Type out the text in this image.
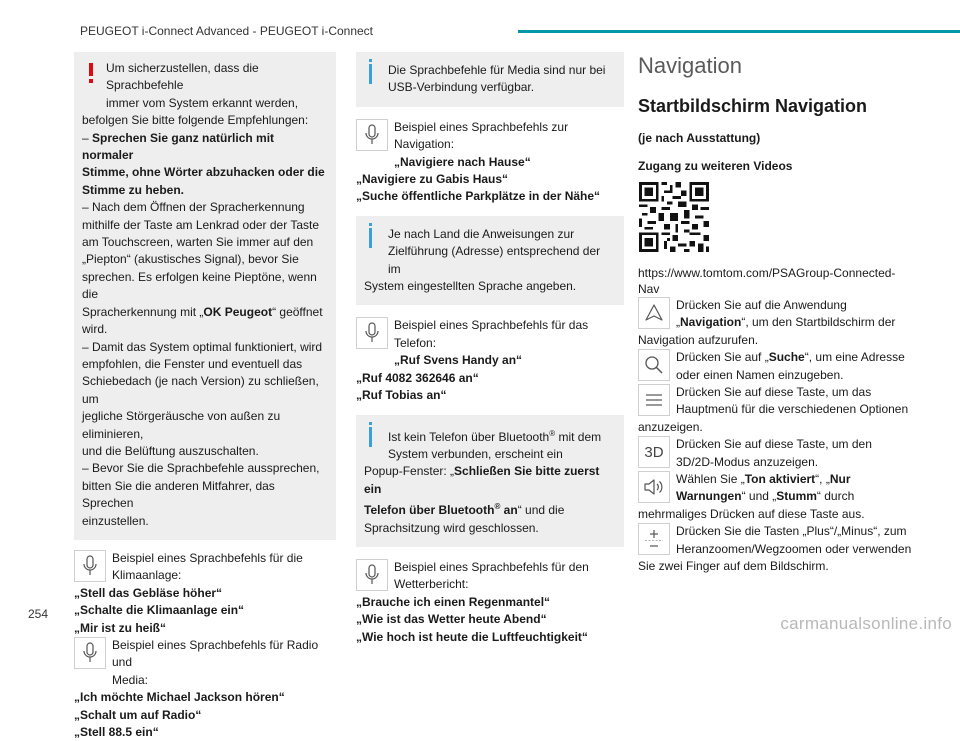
PEUGEOT i-Connect Advanced - PEUGEOT i-Connect
Um sicherzustellen, dass die Sprachbefehle
immer vom System erkannt werden,
befolgen Sie bitte folgende Empfehlungen:
– Sprechen Sie ganz natürlich mit normaler
Stimme, ohne Wörter abzuhacken oder die
Stimme zu heben.
– Nach dem Öffnen der Spracherkennung
mithilfe der Taste am Lenkrad oder der Taste
am Touchscreen, warten Sie immer auf den
„Piepton“ (akustisches Signal), bevor Sie
sprechen. Es erfolgen keine Pieptöne, wenn die
Spracherkennung mit „OK Peugeot“ geöffnet
wird.
– Damit das System optimal funktioniert, wird
empfohlen, die Fenster und eventuell das
Schiebedach (je nach Version) zu schließen, um
jegliche Störgeräusche von außen zu eliminieren,
und die Belüftung auszuschalten.
– Bevor Sie die Sprachbefehle aussprechen,
bitten Sie die anderen Mitfahrer, das Sprechen
einzustellen.
Beispiel eines Sprachbefehls für die
Klimaanlage:
„Stell das Gebläse höher“
„Schalte die Klimaanlage ein“
„Mir ist zu heiß“
Beispiel eines Sprachbefehls für Radio und
Media:
„Ich möchte Michael Jackson hören“
„Schalt um auf Radio“
„Stell 88.5 ein“
Die Sprachbefehle für Media sind nur bei
USB-Verbindung verfügbar.
Beispiel eines Sprachbefehls zur Navigation:
„Navigiere nach Hause“
„Navigiere zu Gabis Haus“
„Suche öffentliche Parkplätze in der Nähe“
Je nach Land die Anweisungen zur
Zielführung (Adresse) entsprechend der im
System eingestellten Sprache angeben.
Beispiel eines Sprachbefehls für das Telefon:
„Ruf Svens Handy an“
„Ruf 4082 362646 an“
„Ruf Tobias an“
Ist kein Telefon über Bluetooth® mit dem
System verbunden, erscheint ein
Popup-Fenster: „Schließen Sie bitte zuerst ein
Telefon über Bluetooth® an“ und die
Sprachsitzung wird geschlossen.
Beispiel eines Sprachbefehls für den
Wetterbericht:
„Brauche ich einen Regenmantel“
„Wie ist das Wetter heute Abend“
„Wie hoch ist heute die Luftfeuchtigkeit“
Navigation
Startbildschirm Navigation
(je nach Ausstattung)
Zugang zu weiteren Videos
https://www.tomtom.com/PSAGroup-Connected-Nav
Drücken Sie auf die Anwendung
„Navigation“, um den Startbildschirm der
Navigation aufzurufen.
Drücken Sie auf „Suche“, um eine Adresse
oder einen Namen einzugeben.
Drücken Sie auf diese Taste, um das
Hauptmenü für die verschiedenen Optionen
anzuzeigen.
3D	Drücken Sie auf diese Taste, um den
3D/2D-Modus anzuzeigen.
Wählen Sie „Ton aktiviert“, „Nur
Warnungen“ und „Stumm“ durch
mehrmaliges Drücken auf diese Taste aus.
Drücken Sie die Tasten „Plus“/„Minus“, zum
Heranzoomen/Wegzoomen oder verwenden
Sie zwei Finger auf dem Bildschirm.
254	carmanualsonline.info
